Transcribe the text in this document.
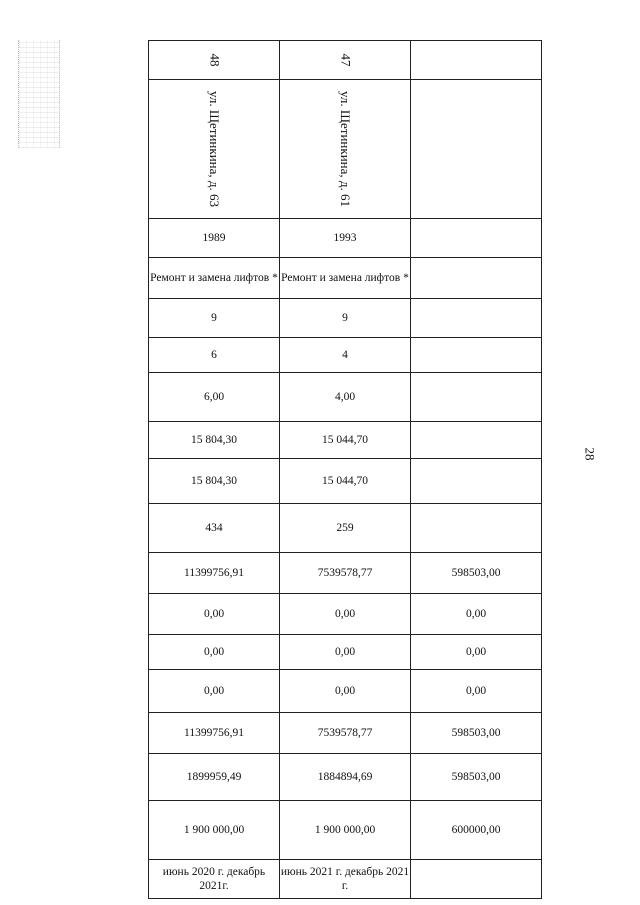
48	47	
ул. Щетинкина, д. 63	ул. Щетинкина, д. 61	
1989	1993	
Ремонт и замена лифтов *	Ремонт и замена лифтов *	
9	9	
6	4	
6,00	4,00	
15 804,30	15 044,70	
15 804,30	15 044,70	
434	259	
11399756,91	7539578,77	598503,00
0,00	0,00	0,00
0,00	0,00	0,00
0,00	0,00	0,00
11399756,91	7539578,77	598503,00
1899959,49	1884894,69	598503,00
1 900 000,00	1 900 000,00	600000,00
июнь 2020 г. декабрь 2021г.	июнь 2021 г. декабрь 2021 г.	
28
